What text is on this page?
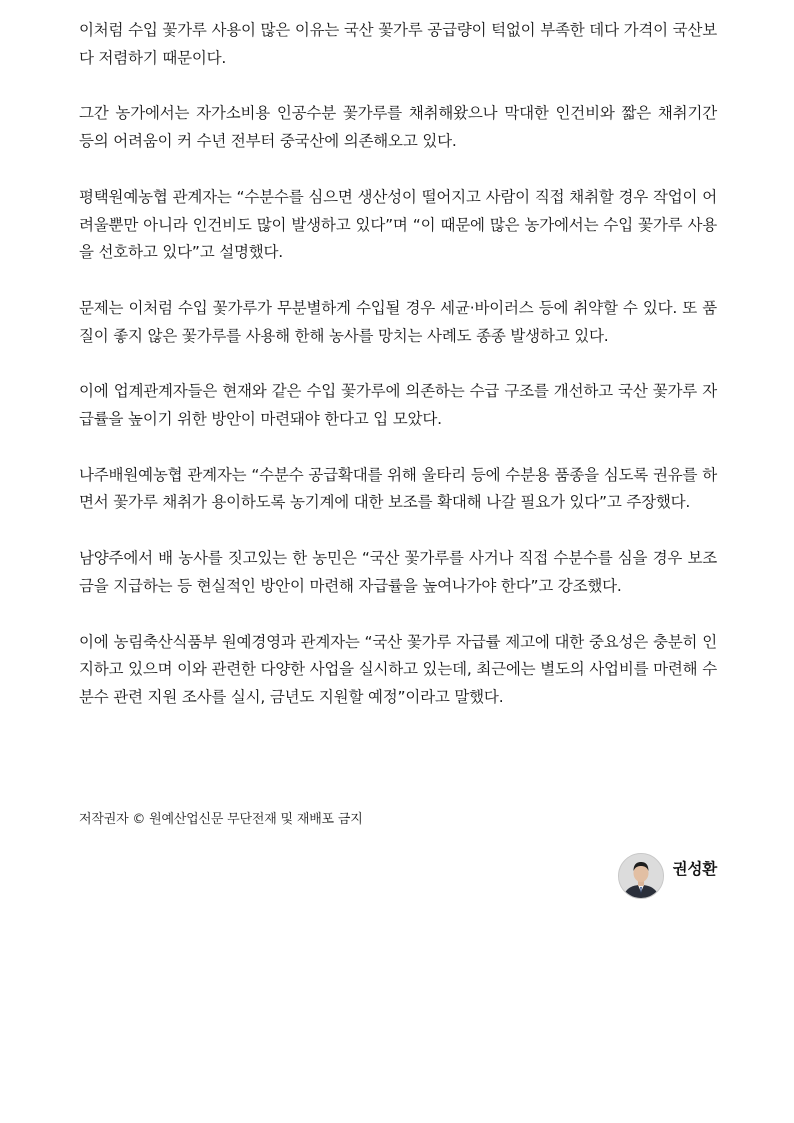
이처럼 수입 꽃가루 사용이 많은 이유는 국산 꽃가루 공급량이 턱없이 부족한 데다 가격이 국산보다 저렴하기 때문이다.

그간 농가에서는 자가소비용 인공수분 꽃가루를 채취해왔으나 막대한 인건비와 짧은 채취기간 등의 어려움이 커 수년 전부터 중국산에 의존해오고 있다.

평택원예농협 관계자는 “수분수를 심으면 생산성이 떨어지고 사람이 직접 채취할 경우 작업이 어려울뿐만 아니라 인건비도 많이 발생하고 있다”며 “이 때문에 많은 농가에서는 수입 꽃가루 사용을 선호하고 있다”고 설명했다.

문제는 이처럼 수입 꽃가루가 무분별하게 수입될 경우 세균·바이러스 등에 취약할 수 있다. 또 품질이 좋지 않은 꽃가루를 사용해 한해 농사를 망치는 사례도 종종 발생하고 있다.

이에 업계관계자들은 현재와 같은 수입 꽃가루에 의존하는 수급 구조를 개선하고 국산 꽃가루 자급률을 높이기 위한 방안이 마련돼야 한다고 입 모았다.

나주배원예농협 관계자는 “수분수 공급확대를 위해 울타리 등에 수분용 품종을 심도록 권유를 하면서 꽃가루 채취가 용이하도록 농기계에 대한 보조를 확대해 나갈 필요가 있다”고 주장했다.

남양주에서 배 농사를 짓고있는 한 농민은 “국산 꽃가루를 사거나 직접 수분수를 심을 경우 보조금을 지급하는 등 현실적인 방안이 마련해 자급률을 높여나가야 한다”고 강조했다.

이에 농림축산식품부 원예경영과 관계자는 “국산 꽃가루 자급률 제고에 대한 중요성은 충분히 인지하고 있으며 이와 관련한 다양한 사업을 실시하고 있는데, 최근에는 별도의 사업비를 마련해 수분수 관련 지원 조사를 실시, 금년도 지원할 예정”이라고 말했다.

저작권자 © 원예산업신문 무단전재 및 재배포 금지
권성환
